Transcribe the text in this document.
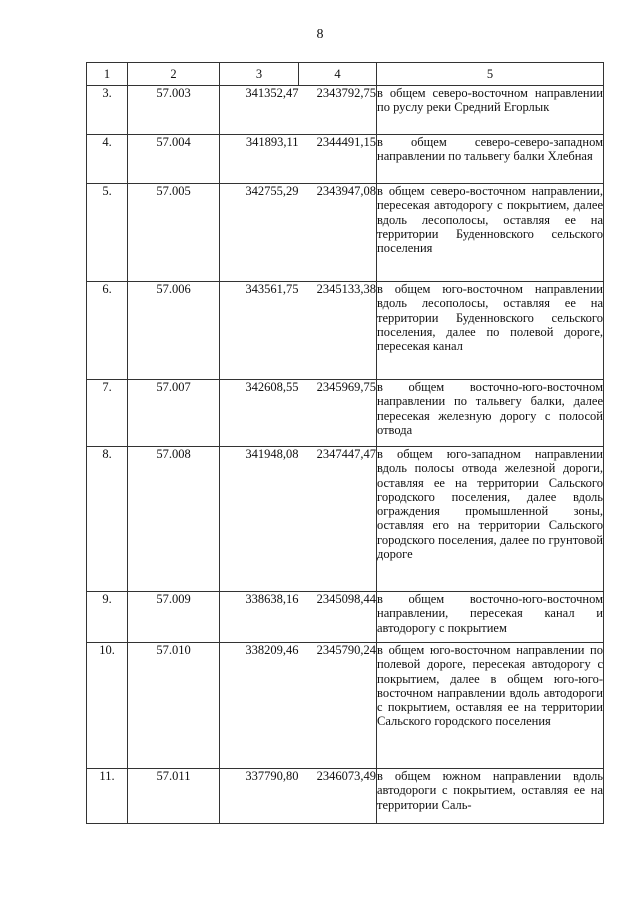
8
1	2	3	4	5
3.	57.003	341352,47	2343792,75	в общем северо-восточном направлении по руслу реки Средний Егорлык
4.	57.004	341893,11	2344491,15	в общем северо-северо-западном направлении по тальвегу балки Хлебная
5.	57.005	342755,29	2343947,08	в общем северо-восточном направлении, пересекая автодорогу с покрытием, далее вдоль лесополосы, оставляя ее на территории Буденновского сельского поселения
6.	57.006	343561,75	2345133,38	в общем юго-восточном направлении вдоль лесополосы, оставляя ее на территории Буденновского сельского поселения, далее по полевой дороге, пересекая канал
7.	57.007	342608,55	2345969,75	в общем восточно-юго-восточном направлении по тальвегу балки, далее пересекая железную дорогу с полосой отвода
8.	57.008	341948,08	2347447,47	в общем юго-западном направлении вдоль полосы отвода железной дороги, оставляя ее на территории Сальского городского поселения, далее вдоль ограждения промышленной зоны, оставляя его на территории Сальского городского поселения, далее по грунтовой дороге
9.	57.009	338638,16	2345098,44	в общем восточно-юго-восточном направлении, пересекая канал и автодорогу с покрытием
10.	57.010	338209,46	2345790,24	в общем юго-восточном направлении по полевой дороге, пересекая автодорогу с покрытием, далее в общем юго-юго-восточном направлении вдоль автодороги с покрытием, оставляя ее на территории Сальского городского поселения
11.	57.011	337790,80	2346073,49	в общем южном направлении вдоль автодороги с покрытием, оставляя ее на территории Саль-
